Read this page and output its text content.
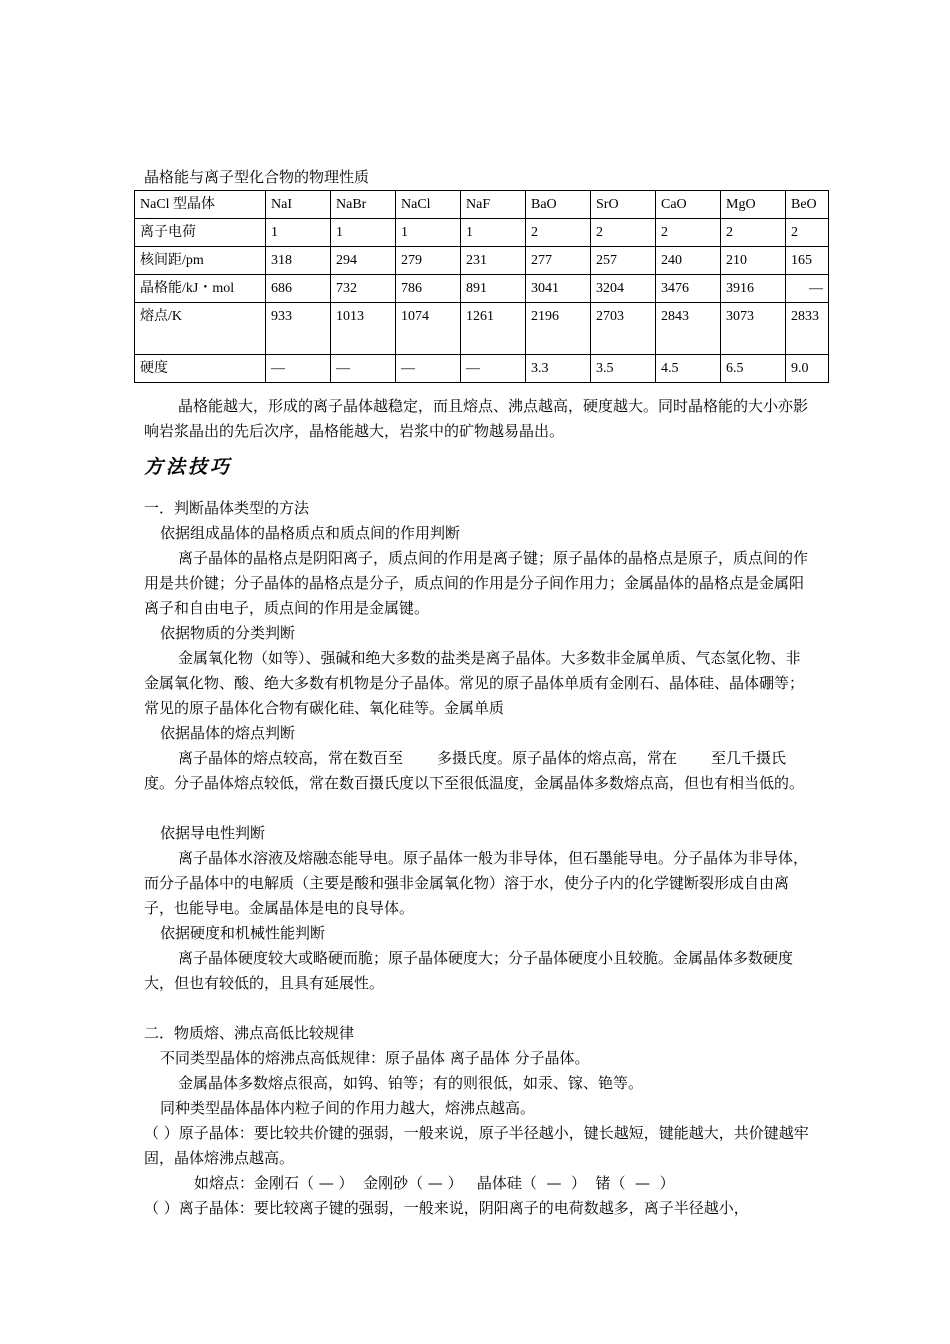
晶格能与离子型化合物的物理性质
NaCl 型晶体	NaI	NaBr	NaCl	NaF	BaO	SrO	CaO	MgO	BeO
离子电荷	1	1	1	1	2	2	2	2	2
核间距/pm	318	294	279	231	277	257	240	210	165
晶格能/kJ・mol	686	732	786	891	3041	3204	3476	3916	—
熔点/K	933	1013	1074	1261	2196	2703	2843	3073	2833
硬度	—	—	—	—	3.3	3.5	4.5	6.5	9.0
晶格能越大，形成的离子晶体越稳定，而且熔点、沸点越高，硬度越大。同时晶格能的大小亦影响岩浆晶出的先后次序，晶格能越大，岩浆中的矿物越易晶出。
方法技巧
一．判断晶体类型的方法
依据组成晶体的晶格质点和质点间的作用判断
离子晶体的晶格点是阴阳离子，质点间的作用是离子键；原子晶体的晶格点是原子，质点间的作用是共价键；分子晶体的晶格点是分子，质点间的作用是分子间作用力；金属晶体的晶格点是金属阳离子和自由电子，质点间的作用是金属键。
依据物质的分类判断
金属氧化物（如等）、强碱和绝大多数的盐类是离子晶体。大多数非金属单质、气态氢化物、非金属氧化物、酸、绝大多数有机物是分子晶体。常见的原子晶体单质有金刚石、晶体硅、晶体硼等；常见的原子晶体化合物有碳化硅、氧化硅等。金属单质
依据晶体的熔点判断
离子晶体的熔点较高，常在数百至 多摄氏度。原子晶体的熔点高，常在 至几千摄氏度。分子晶体熔点较低，常在数百摄氏度以下至很低温度，金属晶体多数熔点高，但也有相当低的。
依据导电性判断
离子晶体水溶液及熔融态能导电。原子晶体一般为非导体，但石墨能导电。分子晶体为非导体，而分子晶体中的电解质（主要是酸和强非金属氧化物）溶于水，使分子内的化学键断裂形成自由离子，也能导电。金属晶体是电的良导体。
依据硬度和机械性能判断
离子晶体硬度较大或略硬而脆；原子晶体硬度大；分子晶体硬度小且较脆。金属晶体多数硬度大，但也有较低的，且具有延展性。
二．物质熔、沸点高低比较规律
不同类型晶体的熔沸点高低规律：原子晶体 离子晶体 分子晶体。
金属晶体多数熔点很高，如钨、铂等；有的则很低，如汞、镓、铯等。
同种类型晶体晶体内粒子间的作用力越大，熔沸点越高。
（ ）原子晶体：要比较共价键的强弱，一般来说，原子半径越小，键长越短，键能越大，共价键越牢固，晶体熔沸点越高。
如熔点：金刚石（ — ）  金刚砂（ — ）   晶体硅（  —  ）  锗（  —  ）
（ ）离子晶体：要比较离子键的强弱，一般来说，阴阳离子的电荷数越多，离子半径越小，
